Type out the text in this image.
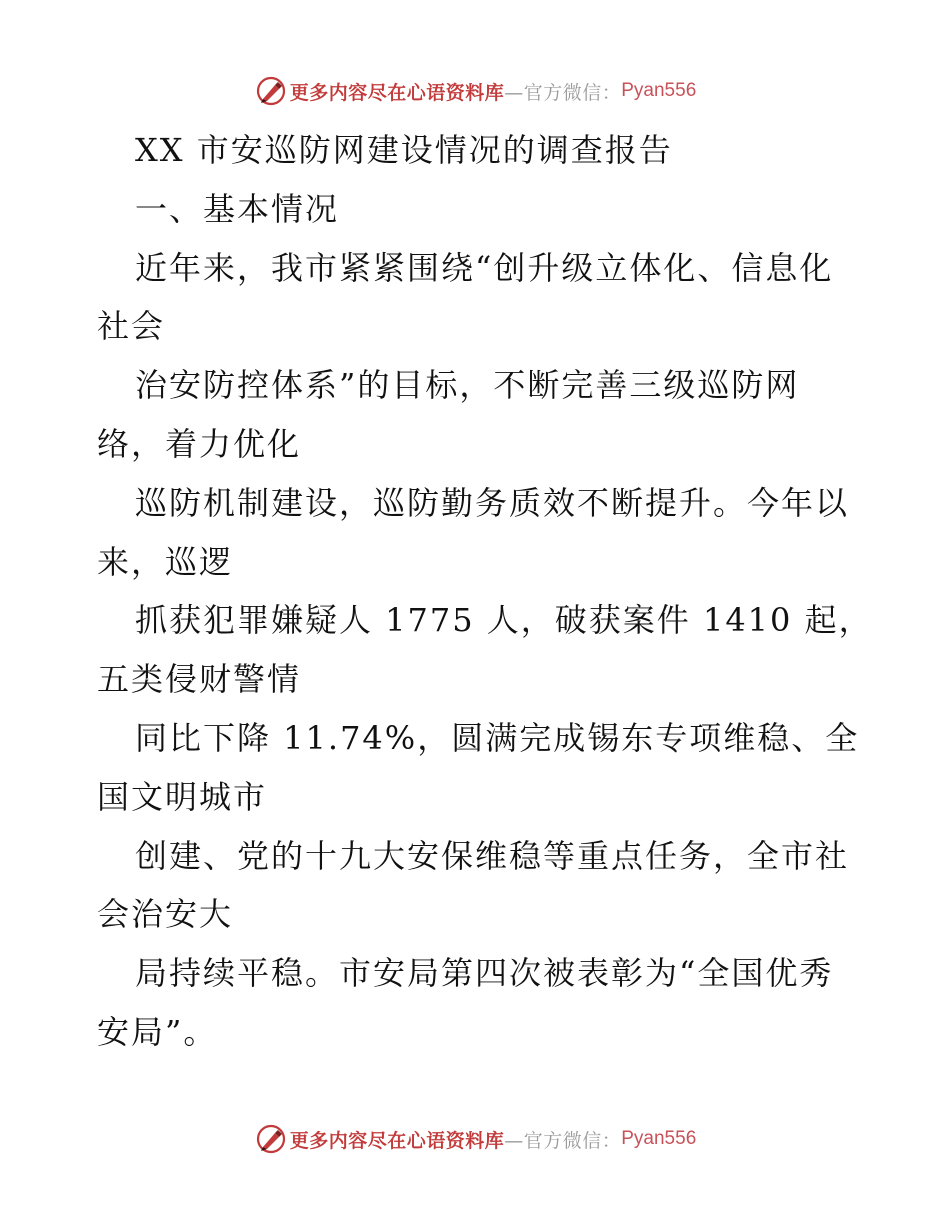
更多内容尽在心语资料库 —官方微信： Pyan556
XX 市安巡防网建设情况的调查报告
一、基本情况
近年来，我市紧紧围绕“创升级立体化、信息化
社会
治安防控体系”的目标，不断完善三级巡防网
络，着力优化
巡防机制建设，巡防勤务质效不断提升。今年以
来，巡逻
抓获犯罪嫌疑人 1775 人，破获案件 1410 起，
五类侵财警情
同比下降 11.74%，圆满完成锡东专项维稳、全
国文明城市
创建、党的十九大安保维稳等重点任务，全市社
会治安大
局持续平稳。市安局第四次被表彰为“全国优秀
安局”。
更多内容尽在心语资料库 —官方微信： Pyan556
